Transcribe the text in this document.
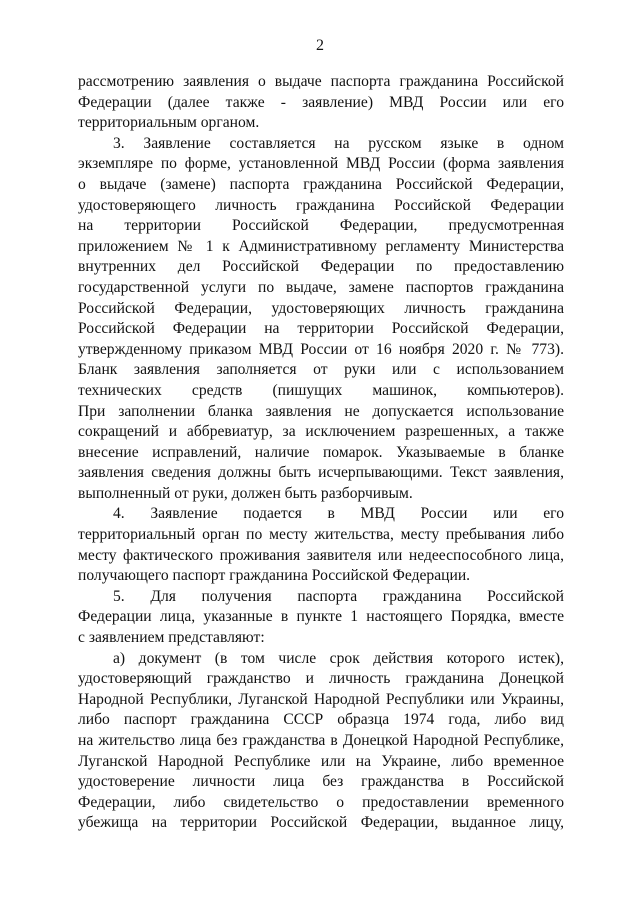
2
рассмотрению заявления о выдаче паспорта гражданина Российской
Федерации (далее также - заявление) МВД России или его
территориальным органом.
3. Заявление составляется на русском языке в одном
экземпляре по форме, установленной МВД России (форма заявления
о выдаче (замене) паспорта гражданина Российской Федерации,
удостоверяющего личность гражданина Российской Федерации
на территории Российской Федерации, предусмотренная
приложением № 1 к Административному регламенту Министерства
внутренних дел Российской Федерации по предоставлению
государственной услуги по выдаче, замене паспортов гражданина
Российской Федерации, удостоверяющих личность гражданина
Российской Федерации на территории Российской Федерации,
утвержденному приказом МВД России от 16 ноября 2020 г. № 773).
Бланк заявления заполняется от руки или с использованием
технических средств (пишущих машинок, компьютеров).
При заполнении бланка заявления не допускается использование
сокращений и аббревиатур, за исключением разрешенных, а также
внесение исправлений, наличие помарок. Указываемые в бланке
заявления сведения должны быть исчерпывающими. Текст заявления,
выполненный от руки, должен быть разборчивым.
4. Заявление подается в МВД России или его
территориальный орган по месту жительства, месту пребывания либо
месту фактического проживания заявителя или недееспособного лица,
получающего паспорт гражданина Российской Федерации.
5. Для получения паспорта гражданина Российской
Федерации лица, указанные в пункте 1 настоящего Порядка, вместе
с заявлением представляют:
а) документ (в том числе срок действия которого истек),
удостоверяющий гражданство и личность гражданина Донецкой
Народной Республики, Луганской Народной Республики или Украины,
либо паспорт гражданина СССР образца 1974 года, либо вид
на жительство лица без гражданства в Донецкой Народной Республике,
Луганской Народной Республике или на Украине, либо временное
удостоверение личности лица без гражданства в Российской
Федерации, либо свидетельство о предоставлении временного
убежища на территории Российской Федерации, выданное лицу,
